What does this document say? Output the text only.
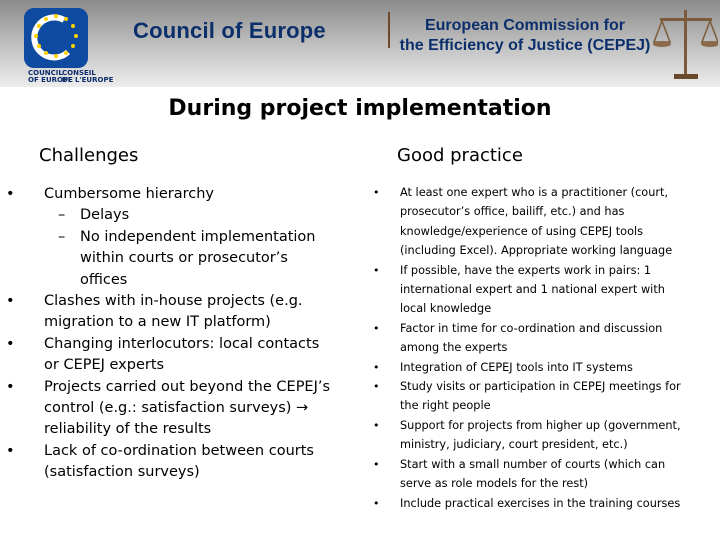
COUNCIL
OF EUROPE
CONSEIL
DE L'EUROPE
Council of Europe	European Commission for
the Efficiency of Justice (CEPEJ)
During project implementation
Challenges	Good practice
• Cumbersome hierarchy
– Delays
– No independent implementation
within courts or prosecutor’s
offices
• Clashes with in-house projects (e.g.
migration to a new IT platform)
• Changing interlocutors: local contacts
or CEPEJ experts
• Projects carried out beyond the CEPEJ’s
control (e.g.: satisfaction surveys) →
reliability of the results
• Lack of co-ordination between courts
(satisfaction surveys)
• At least one expert who is a practitioner (court,
prosecutor’s office, bailiff, etc.) and has
knowledge/experience of using CEPEJ tools
(including Excel). Appropriate working language
• If possible, have the experts work in pairs: 1
international expert and 1 national expert with
local knowledge
• Factor in time for co-ordination and discussion
among the experts
• Integration of CEPEJ tools into IT systems
• Study visits or participation in CEPEJ meetings for
the right people
• Support for projects from higher up (government,
ministry, judiciary, court president, etc.)
• Start with a small number of courts (which can
serve as role models for the rest)
• Include practical exercises in the training courses
